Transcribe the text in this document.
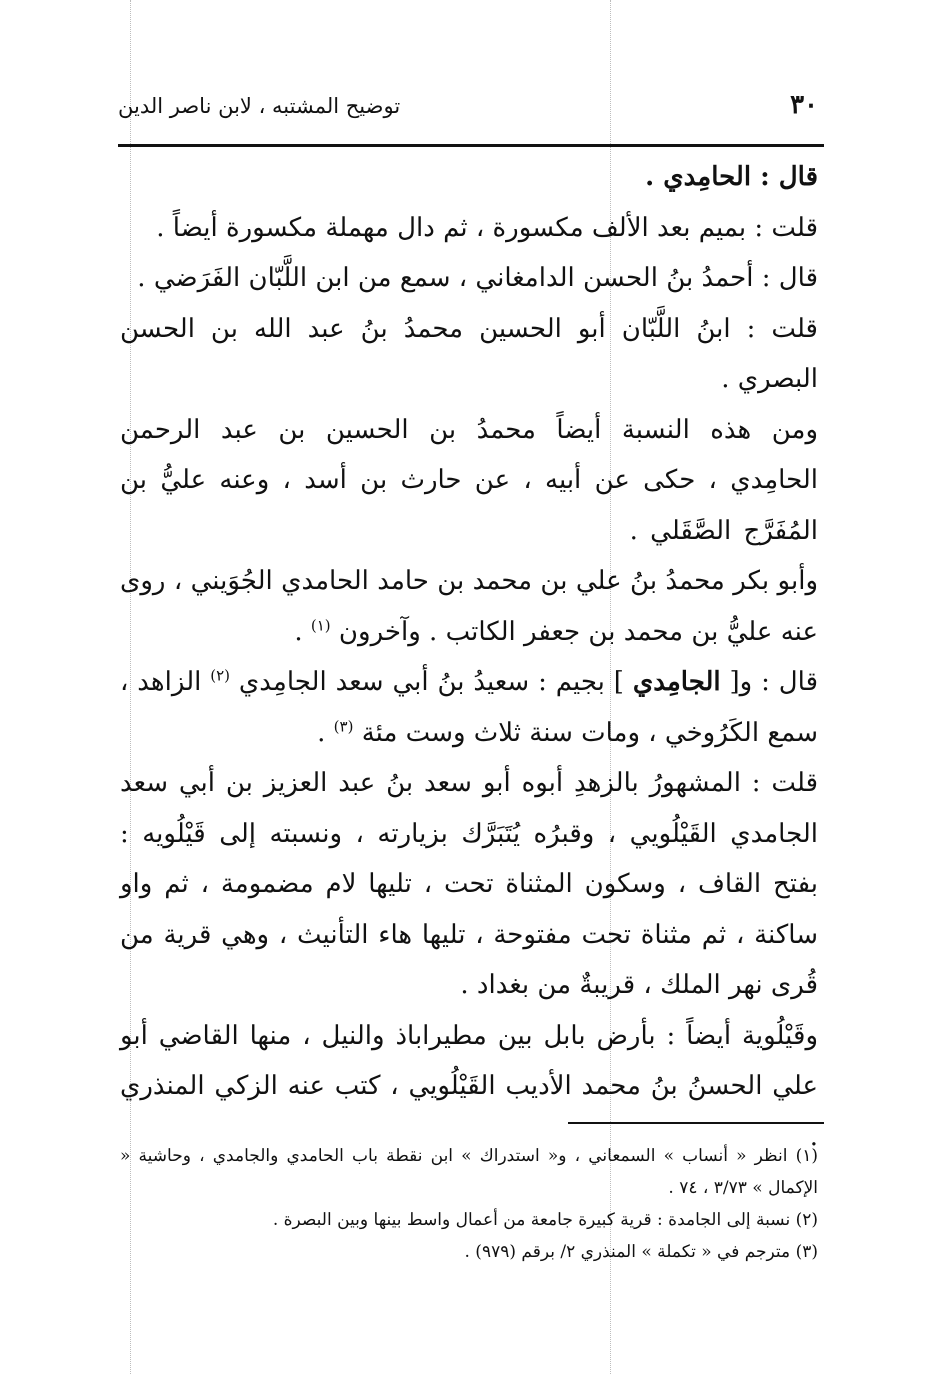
٣٠
توضيح المشتبه ، لابن ناصر الدين

قال : الحامِدي .

قلت : بميم بعد الألف مكسورة ، ثم دال مهملة مكسورة أيضاً .

قال : أحمدُ بنُ الحسن الدامغاني ، سمع من ابن اللَّبّان الفَرَضي .

قلت : ابنُ اللَّبّان أبو الحسين محمدُ بنُ عبد الله بن الحسن البصري .

ومن هذه النسبة أيضاً محمدُ بن الحسين بن عبد الرحمن الحامِدي ، حكى عن أبيه ، عن حارث بن أسد ، وعنه عليُّ بن المُفَرَّج الصَّقَلي .

وأبو بكر محمدُ بنُ علي بن محمد بن حامد الحامدي الجُوَيني ، روى عنه عليُّ بن محمد بن جعفر الكاتب . وآخرون $^{(١)}$ .

قال : و[ الجامِدي ] بجيم : سعيدُ بنُ أبي سعد الجامِدي $^{(٢)}$ الزاهد ، سمع الكَرُوخي ، ومات سنة ثلاث وست مئة $^{(٣)}$ .

قلت : المشهورُ بالزهدِ أبوه أبو سعد بنُ عبد العزيز بن أبي سعد الجامدي القَيْلُويي ، وقبرُه يُتَبَرَّك بزيارته ، ونسبته إلى قَيْلُويه : بفتح القاف ، وسكون المثناة تحت ، تليها لام مضمومة ، ثم واو ساكنة ، ثم مثناة تحت مفتوحة ، تليها هاء التأنيث ، وهي قرية من قُرى نهر الملك ، قريبةٌ من بغداد .

وقَيْلُوية أيضاً : بأرض بابل بين مطيراباذ والنيل ، منها القاضي أبو علي الحسنُ بنُ محمد الأديب القَيْلُويي ، كتب عنه الزكي المنذري .

(١) انظر « أنساب » السمعاني ، و« استدراك » ابن نقطة باب الحامدي والجامدي ، وحاشية « الإكمال » ٣/٧٣ ، ٧٤ .

(٢) نسبة إلى الجامدة : قرية كبيرة جامعة من أعمال واسط بينها وبين البصرة .

(٣) مترجم في « تكملة » المنذري ٢/ برقم (٩٧٩) .
